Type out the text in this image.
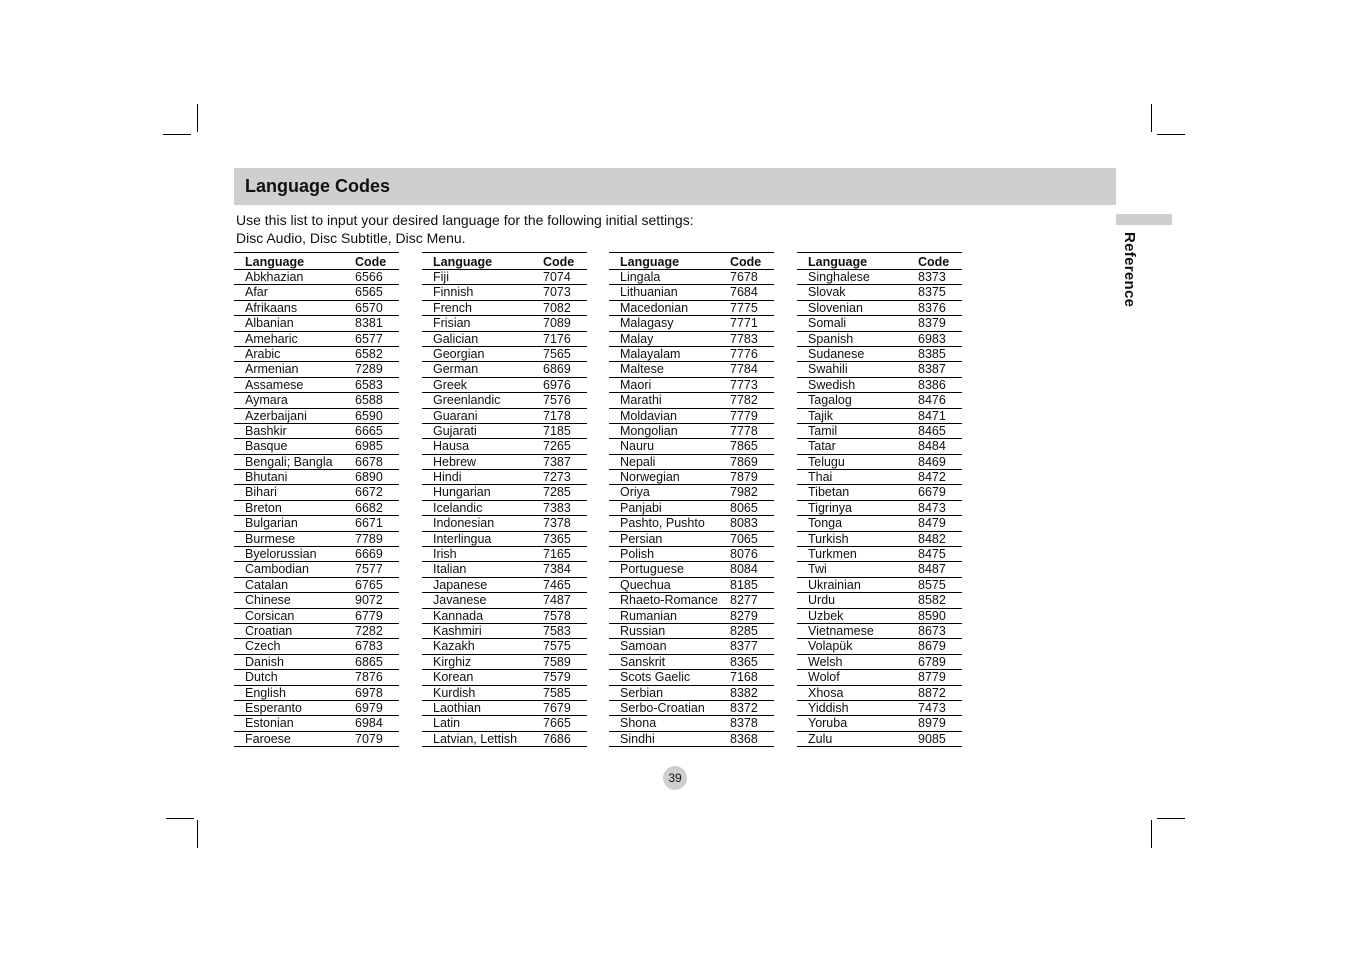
Language Codes
Reference
Use this list to input your desired language for the following initial settings:
Disc Audio, Disc Subtitle, Disc Menu.
Language	Code
Abkhazian	6566
Afar	6565
Afrikaans	6570
Albanian	8381
Ameharic	6577
Arabic	6582
Armenian	7289
Assamese	6583
Aymara	6588
Azerbaijani	6590
Bashkir	6665
Basque	6985
Bengali; Bangla	6678
Bhutani	6890
Bihari	6672
Breton	6682
Bulgarian	6671
Burmese	7789
Byelorussian	6669
Cambodian	7577
Catalan	6765
Chinese	9072
Corsican	6779
Croatian	7282
Czech	6783
Danish	6865
Dutch	7876
English	6978
Esperanto	6979
Estonian	6984
Faroese	7079
Language	Code
Fiji	7074
Finnish	7073
French	7082
Frisian	7089
Galician	7176
Georgian	7565
German	6869
Greek	6976
Greenlandic	7576
Guarani	7178
Gujarati	7185
Hausa	7265
Hebrew	7387
Hindi	7273
Hungarian	7285
Icelandic	7383
Indonesian	7378
Interlingua	7365
Irish	7165
Italian	7384
Japanese	7465
Javanese	7487
Kannada	7578
Kashmiri	7583
Kazakh	7575
Kirghiz	7589
Korean	7579
Kurdish	7585
Laothian	7679
Latin	7665
Latvian, Lettish	7686
Language	Code
Lingala	7678
Lithuanian	7684
Macedonian	7775
Malagasy	7771
Malay	7783
Malayalam	7776
Maltese	7784
Maori	7773
Marathi	7782
Moldavian	7779
Mongolian	7778
Nauru	7865
Nepali	7869
Norwegian	7879
Oriya	7982
Panjabi	8065
Pashto, Pushto	8083
Persian	7065
Polish	8076
Portuguese	8084
Quechua	8185
Rhaeto-Romance 8277
Rumanian	8279
Russian	8285
Samoan	8377
Sanskrit	8365
Scots Gaelic	7168
Serbian	8382
Serbo-Croatian	8372
Shona	8378
Sindhi	8368
Language	Code
Singhalese	8373
Slovak	8375
Slovenian	8376
Somali	8379
Spanish	6983
Sudanese	8385
Swahili	8387
Swedish	8386
Tagalog	8476
Tajik	8471
Tamil	8465
Tatar	8484
Telugu	8469
Thai	8472
Tibetan	6679
Tigrinya	8473
Tonga	8479
Turkish	8482
Turkmen	8475
Twi	8487
Ukrainian	8575
Urdu	8582
Uzbek	8590
Vietnamese	8673
Volapük	8679
Welsh	6789
Wolof	8779
Xhosa	8872
Yiddish	7473
Yoruba	8979
Zulu	9085
39
